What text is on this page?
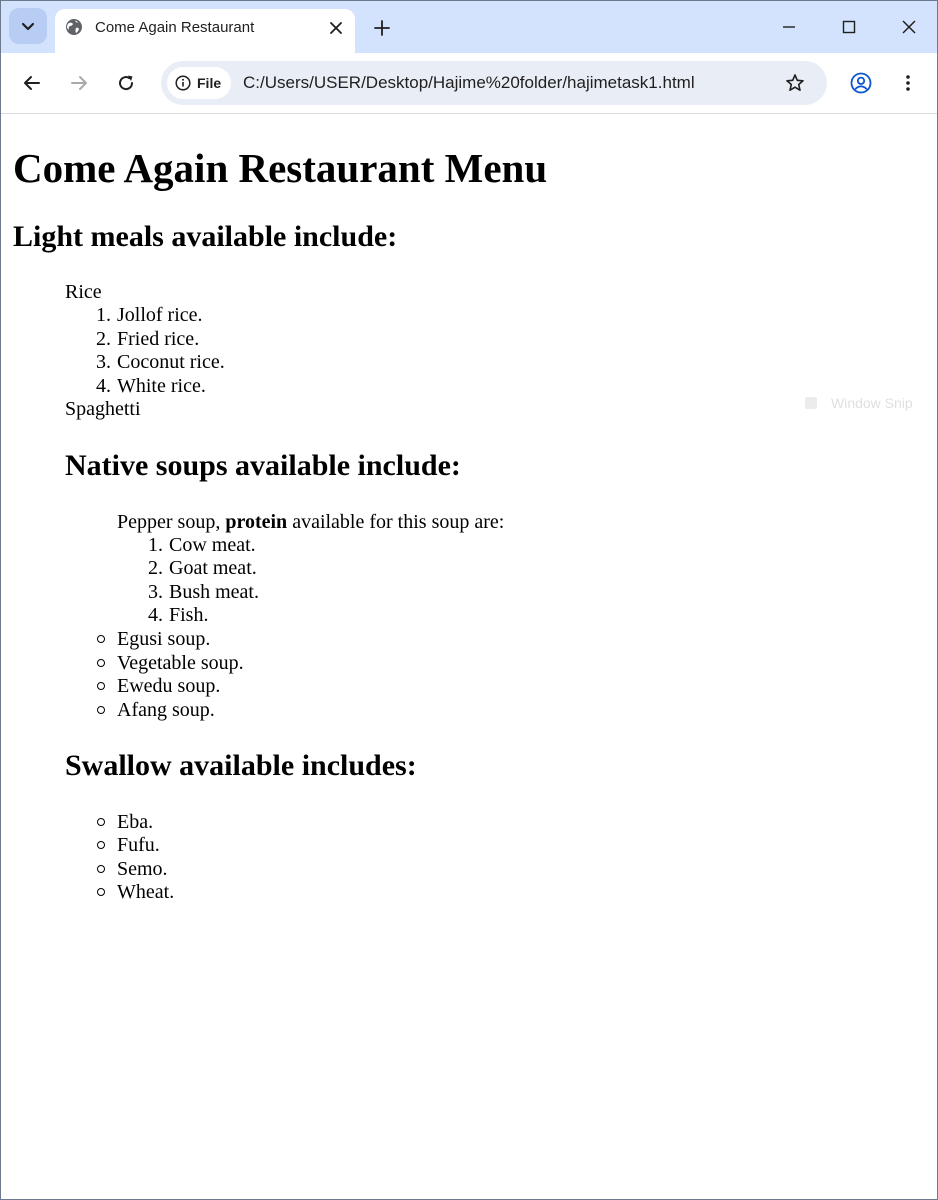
Come Again Restaurant
File C:/Users/USER/Desktop/Hajime%20folder/hajimetask1.html
Come Again Restaurant Menu
Light meals available include:
Rice
1. Jollof rice.
2. Fried rice.
3. Coconut rice.
4. White rice.
Spaghetti
Native soups available include:
Pepper soup, protein available for this soup are:
1. Cow meat.
2. Goat meat.
3. Bush meat.
4. Fish.
Egusi soup.
Vegetable soup.
Ewedu soup.
Afang soup.
Swallow available includes:
Eba.
Fufu.
Semo.
Wheat.
Window Snip
